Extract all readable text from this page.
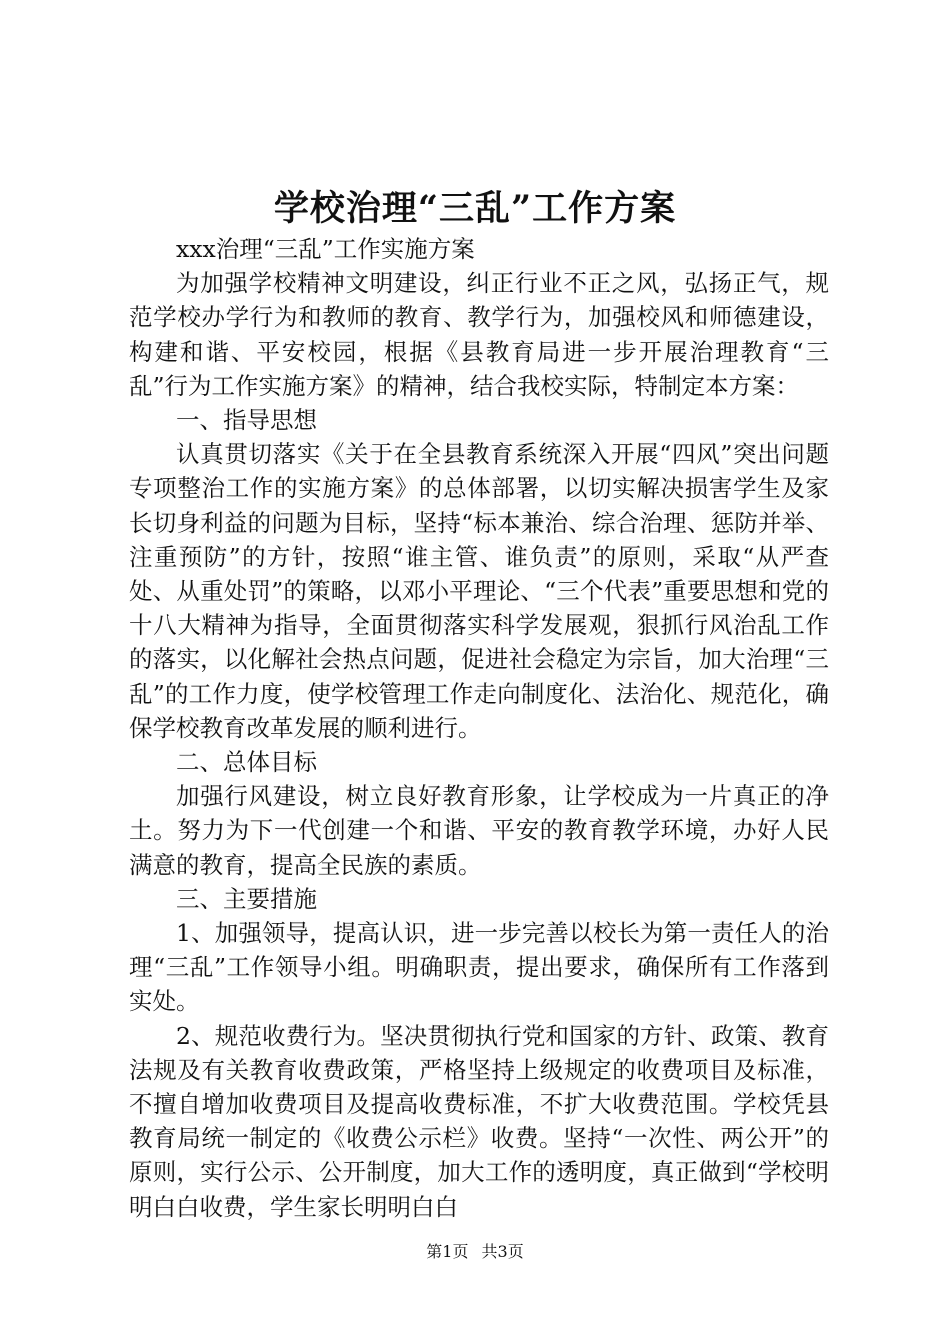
学校治理“三乱”工作方案

xxx治理“三乱”工作实施方案

为加强学校精神文明建设，纠正行业不正之风，弘扬正气，规范学校办学行为和教师的教育、教学行为，加强校风和师德建设，构建和谐、平安校园，根据《县教育局进一步开展治理教育“三乱”行为工作实施方案》的精神，结合我校实际，特制定本方案：

一、指导思想

认真贯切落实《关于在全县教育系统深入开展“四风”突出问题专项整治工作的实施方案》的总体部署，以切实解决损害学生及家长切身利益的问题为目标，坚持“标本兼治、综合治理、惩防并举、注重预防”的方针，按照“谁主管、谁负责”的原则，采取“从严查处、从重处罚”的策略，以邓小平理论、“三个代表”重要思想和党的十八大精神为指导，全面贯彻落实科学发展观，狠抓行风治乱工作的落实，以化解社会热点问题，促进社会稳定为宗旨，加大治理“三乱”的工作力度，使学校管理工作走向制度化、法治化、规范化，确保学校教育改革发展的顺利进行。

二、总体目标

加强行风建设，树立良好教育形象，让学校成为一片真正的净土。努力为下一代创建一个和谐、平安的教育教学环境，办好人民满意的教育，提高全民族的素质。

三、主要措施

1、加强领导，提高认识，进一步完善以校长为第一责任人的治理“三乱”工作领导小组。明确职责，提出要求，确保所有工作落到实处。

2、规范收费行为。坚决贯彻执行党和国家的方针、政策、教育法规及有关教育收费政策，严格坚持上级规定的收费项目及标准，不擅自增加收费项目及提高收费标准，不扩大收费范围。学校凭县教育局统一制定的《收费公示栏》收费。坚持“一次性、两公开”的原则，实行公示、公开制度，加大工作的透明度，真正做到“学校明明白白收费，学生家长明明白白

第1页 共3页
